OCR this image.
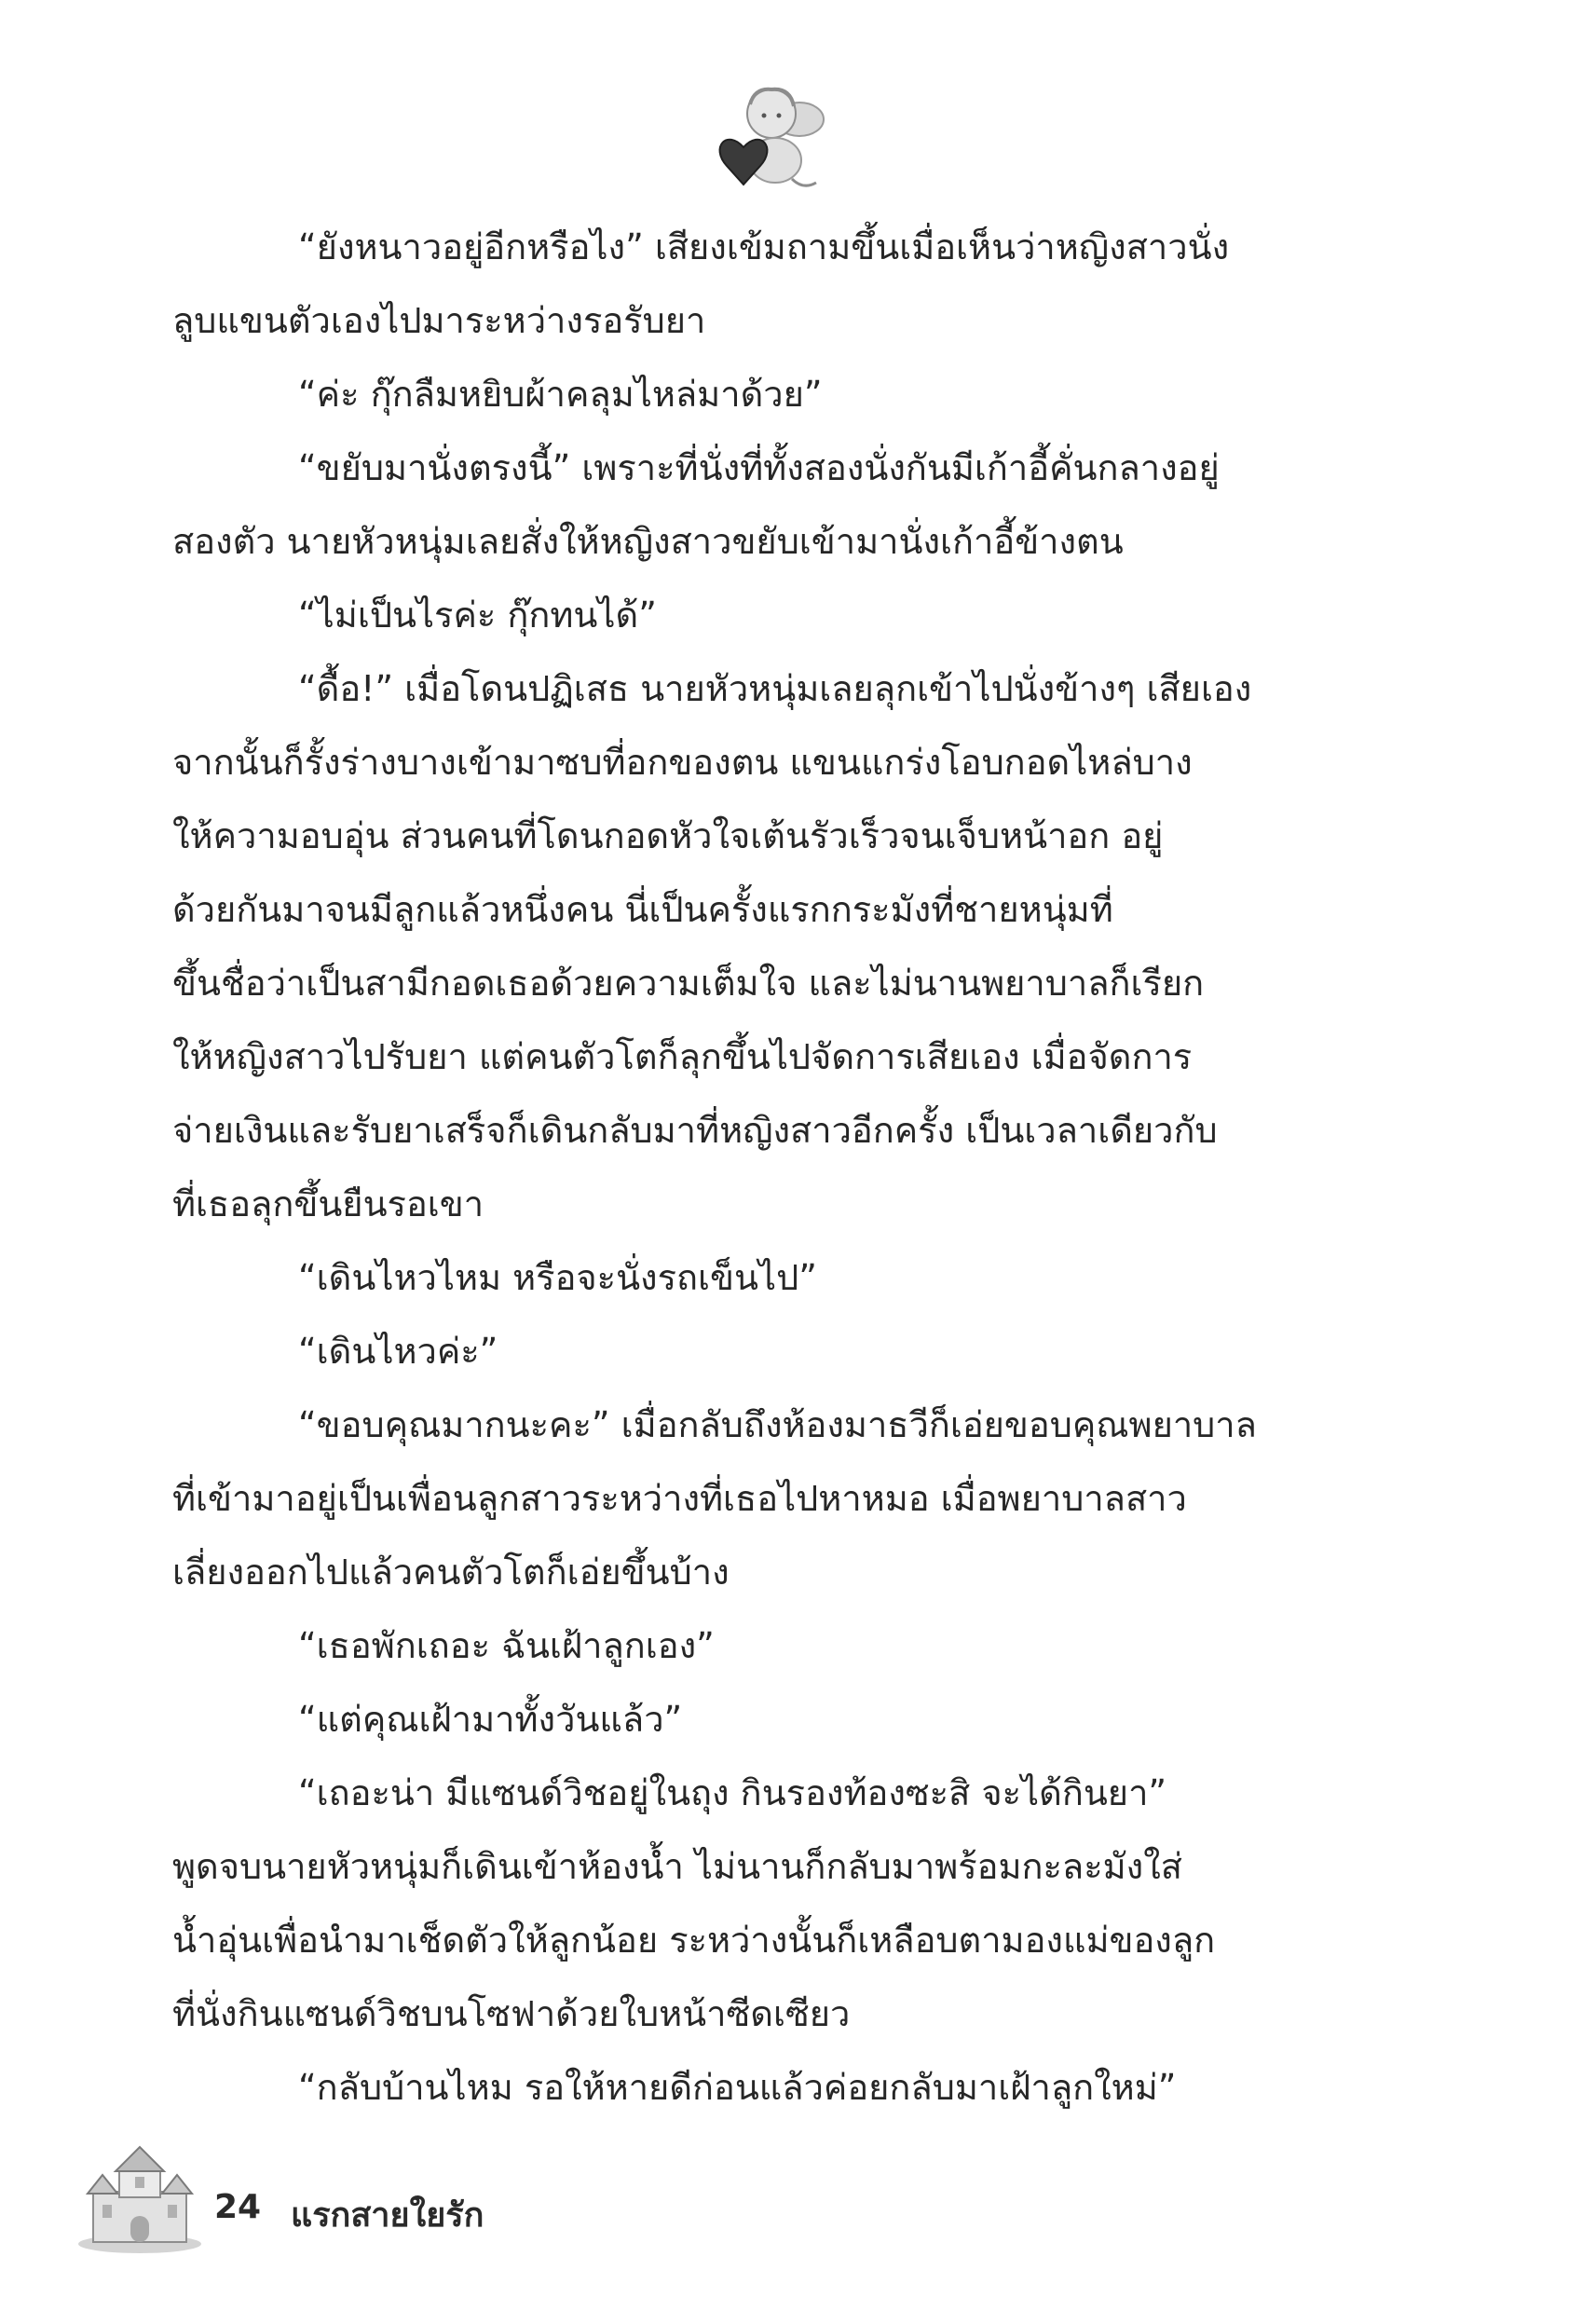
“ยังหนาวอยู่อีกหรือไง” เสียงเข้มถามขึ้นเมื่อเห็นว่าหญิงสาวนั่ง
ลูบแขนตัวเองไปมาระหว่างรอรับยา
“ค่ะ กุ๊กลืมหยิบผ้าคลุมไหล่มาด้วย”
“ขยับมานั่งตรงนี้” เพราะที่นั่งที่ทั้งสองนั่งกันมีเก้าอี้คั่นกลางอยู่
สองตัว นายหัวหนุ่มเลยสั่งให้หญิงสาวขยับเข้ามานั่งเก้าอี้ข้างตน
“ไม่เป็นไรค่ะ กุ๊กทนได้”
“ดื้อ!” เมื่อโดนปฏิเสธ นายหัวหนุ่มเลยลุกเข้าไปนั่งข้างๆ เสียเอง
จากนั้นก็รั้งร่างบางเข้ามาซบที่อกของตน แขนแกร่งโอบกอดไหล่บาง
ให้ความอบอุ่น ส่วนคนที่โดนกอดหัวใจเต้นรัวเร็วจนเจ็บหน้าอก อยู่
ด้วยกันมาจนมีลูกแล้วหนึ่งคน นี่เป็นครั้งแรกกระมังที่ชายหนุ่มที่
ขึ้นชื่อว่าเป็นสามีกอดเธอด้วยความเต็มใจ และไม่นานพยาบาลก็เรียก
ให้หญิงสาวไปรับยา แต่คนตัวโตก็ลุกขึ้นไปจัดการเสียเอง เมื่อจัดการ
จ่ายเงินและรับยาเสร็จก็เดินกลับมาที่หญิงสาวอีกครั้ง เป็นเวลาเดียวกับ
ที่เธอลุกขึ้นยืนรอเขา
“เดินไหวไหม หรือจะนั่งรถเข็นไป”
“เดินไหวค่ะ”
“ขอบคุณมากนะคะ” เมื่อกลับถึงห้องมาธวีก็เอ่ยขอบคุณพยาบาล
ที่เข้ามาอยู่เป็นเพื่อนลูกสาวระหว่างที่เธอไปหาหมอ เมื่อพยาบาลสาว
เลี่ยงออกไปแล้วคนตัวโตก็เอ่ยขึ้นบ้าง
“เธอพักเถอะ ฉันเฝ้าลูกเอง”
“แต่คุณเฝ้ามาทั้งวันแล้ว”
“เถอะน่า มีแซนด์วิชอยู่ในถุง กินรองท้องซะสิ จะได้กินยา”
พูดจบนายหัวหนุ่มก็เดินเข้าห้องน้ำ ไม่นานก็กลับมาพร้อมกะละมังใส่
น้ำอุ่นเพื่อนำมาเช็ดตัวให้ลูกน้อย ระหว่างนั้นก็เหลือบตามองแม่ของลูก
ที่นั่งกินแซนด์วิชบนโซฟาด้วยใบหน้าซีดเซียว
“กลับบ้านไหม รอให้หายดีก่อนแล้วค่อยกลับมาเฝ้าลูกใหม่”
24 แรกสายใยรัก
